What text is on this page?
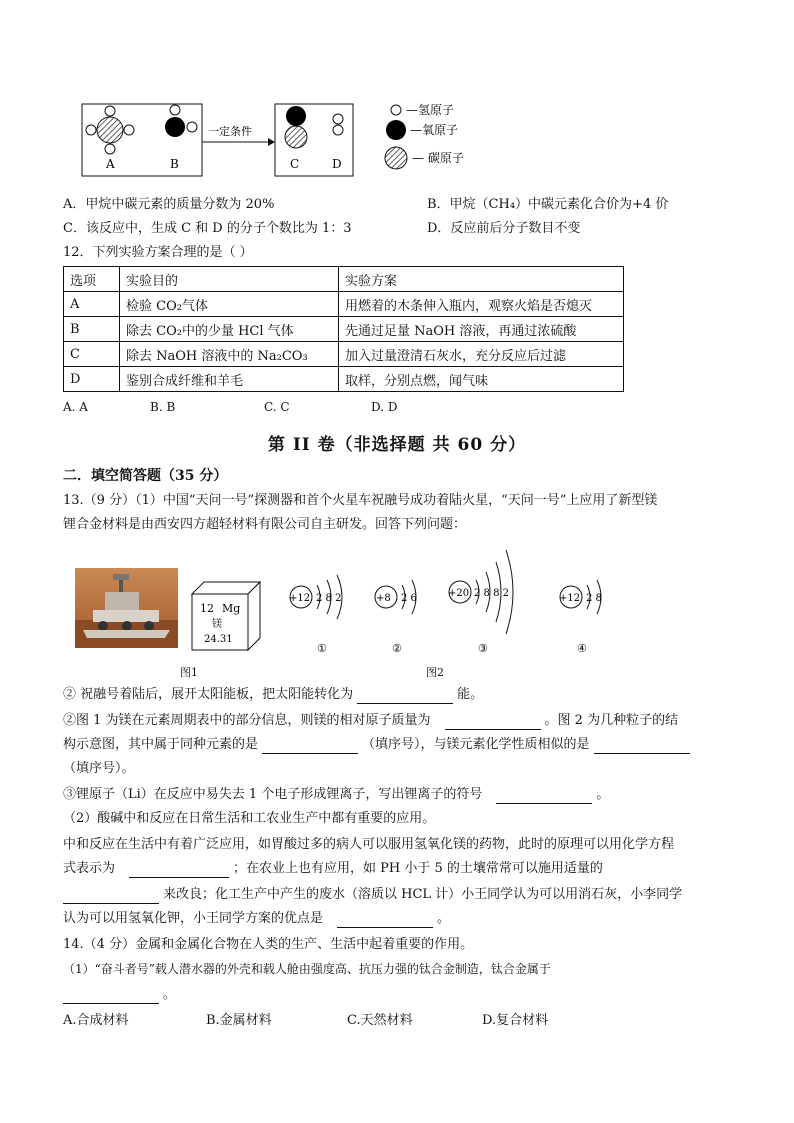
A	B
一定条件
C	D
—氢原子
—氧原子
— 碳原子
A．甲烷中碳元素的质量分数为 20%	B．甲烷（CH₄）中碳元素化合价为+4 价
C．该反应中，生成 C 和 D 的分子个数比为 1：3	D．反应前后分子数目不变
12．下列实验方案合理的是（ ）
选项	实验目的	实验方案
A	检验 CO₂气体	用燃着的木条伸入瓶内，观察火焰是否熄灭
B	除去 CO₂中的少量 HCl 气体	先通过足量 NaOH 溶液，再通过浓硫酸
C	除去 NaOH 溶液中的 Na₂CO₃	加入过量澄清石灰水，充分反应后过滤
D	鉴别合成纤维和羊毛	取样，分别点燃，闻气味
A. A	B. B	C. C	D. D
第 II 卷（非选择题 共 60 分）
二．填空简答题（35 分）
13.（9 分）（1）中国“天问一号”探测器和首个火星车祝融号成功着陆火星，“天问一号”上应用了新型镁
锂合金材料是由西安四方超轻材料有限公司自主研发。回答下列问题：
12 Mg
镁
24.31
图1
+12 2 8 2
①
+8 2 6
②
+20 2 8 8 2
③
+12 2 8
④
图2
② 祝融号着陆后，展开太阳能板，把太阳能转化为	能。
②图 1 为镁在元素周期表中的部分信息，则镁的相对原子质量为	。图 2 为几种粒子的结
构示意图，其中属于同种元素的是	（填序号），与镁元素化学性质相似的是
（填序号）。
③锂原子（Li）在反应中易失去 1 个电子形成锂离子，写出锂离子的符号	。
（2）酸碱中和反应在日常生活和工农业生产中都有重要的应用。
中和反应在生活中有着广泛应用，如胃酸过多的病人可以服用氢氧化镁的药物，此时的原理可以用化学方程
式表示为	；在农业上也有应用，如 PH 小于 5 的土壤常常可以施用适量的
来改良；化工生产中产生的废水（溶质以 HCL 计）小王同学认为可以用消石灰，小李同学
认为可以用氢氧化钾，小王同学方案的优点是	。
14.（4 分）金属和金属化合物在人类的生产、生活中起着重要的作用。
（1）“奋斗者号”载人潜水器的外壳和载人舱由强度高、抗压力强的钛合金制造，钛合金属于
。
A.合成材料	B.金属材料	C.天然材料	D.复合材料
